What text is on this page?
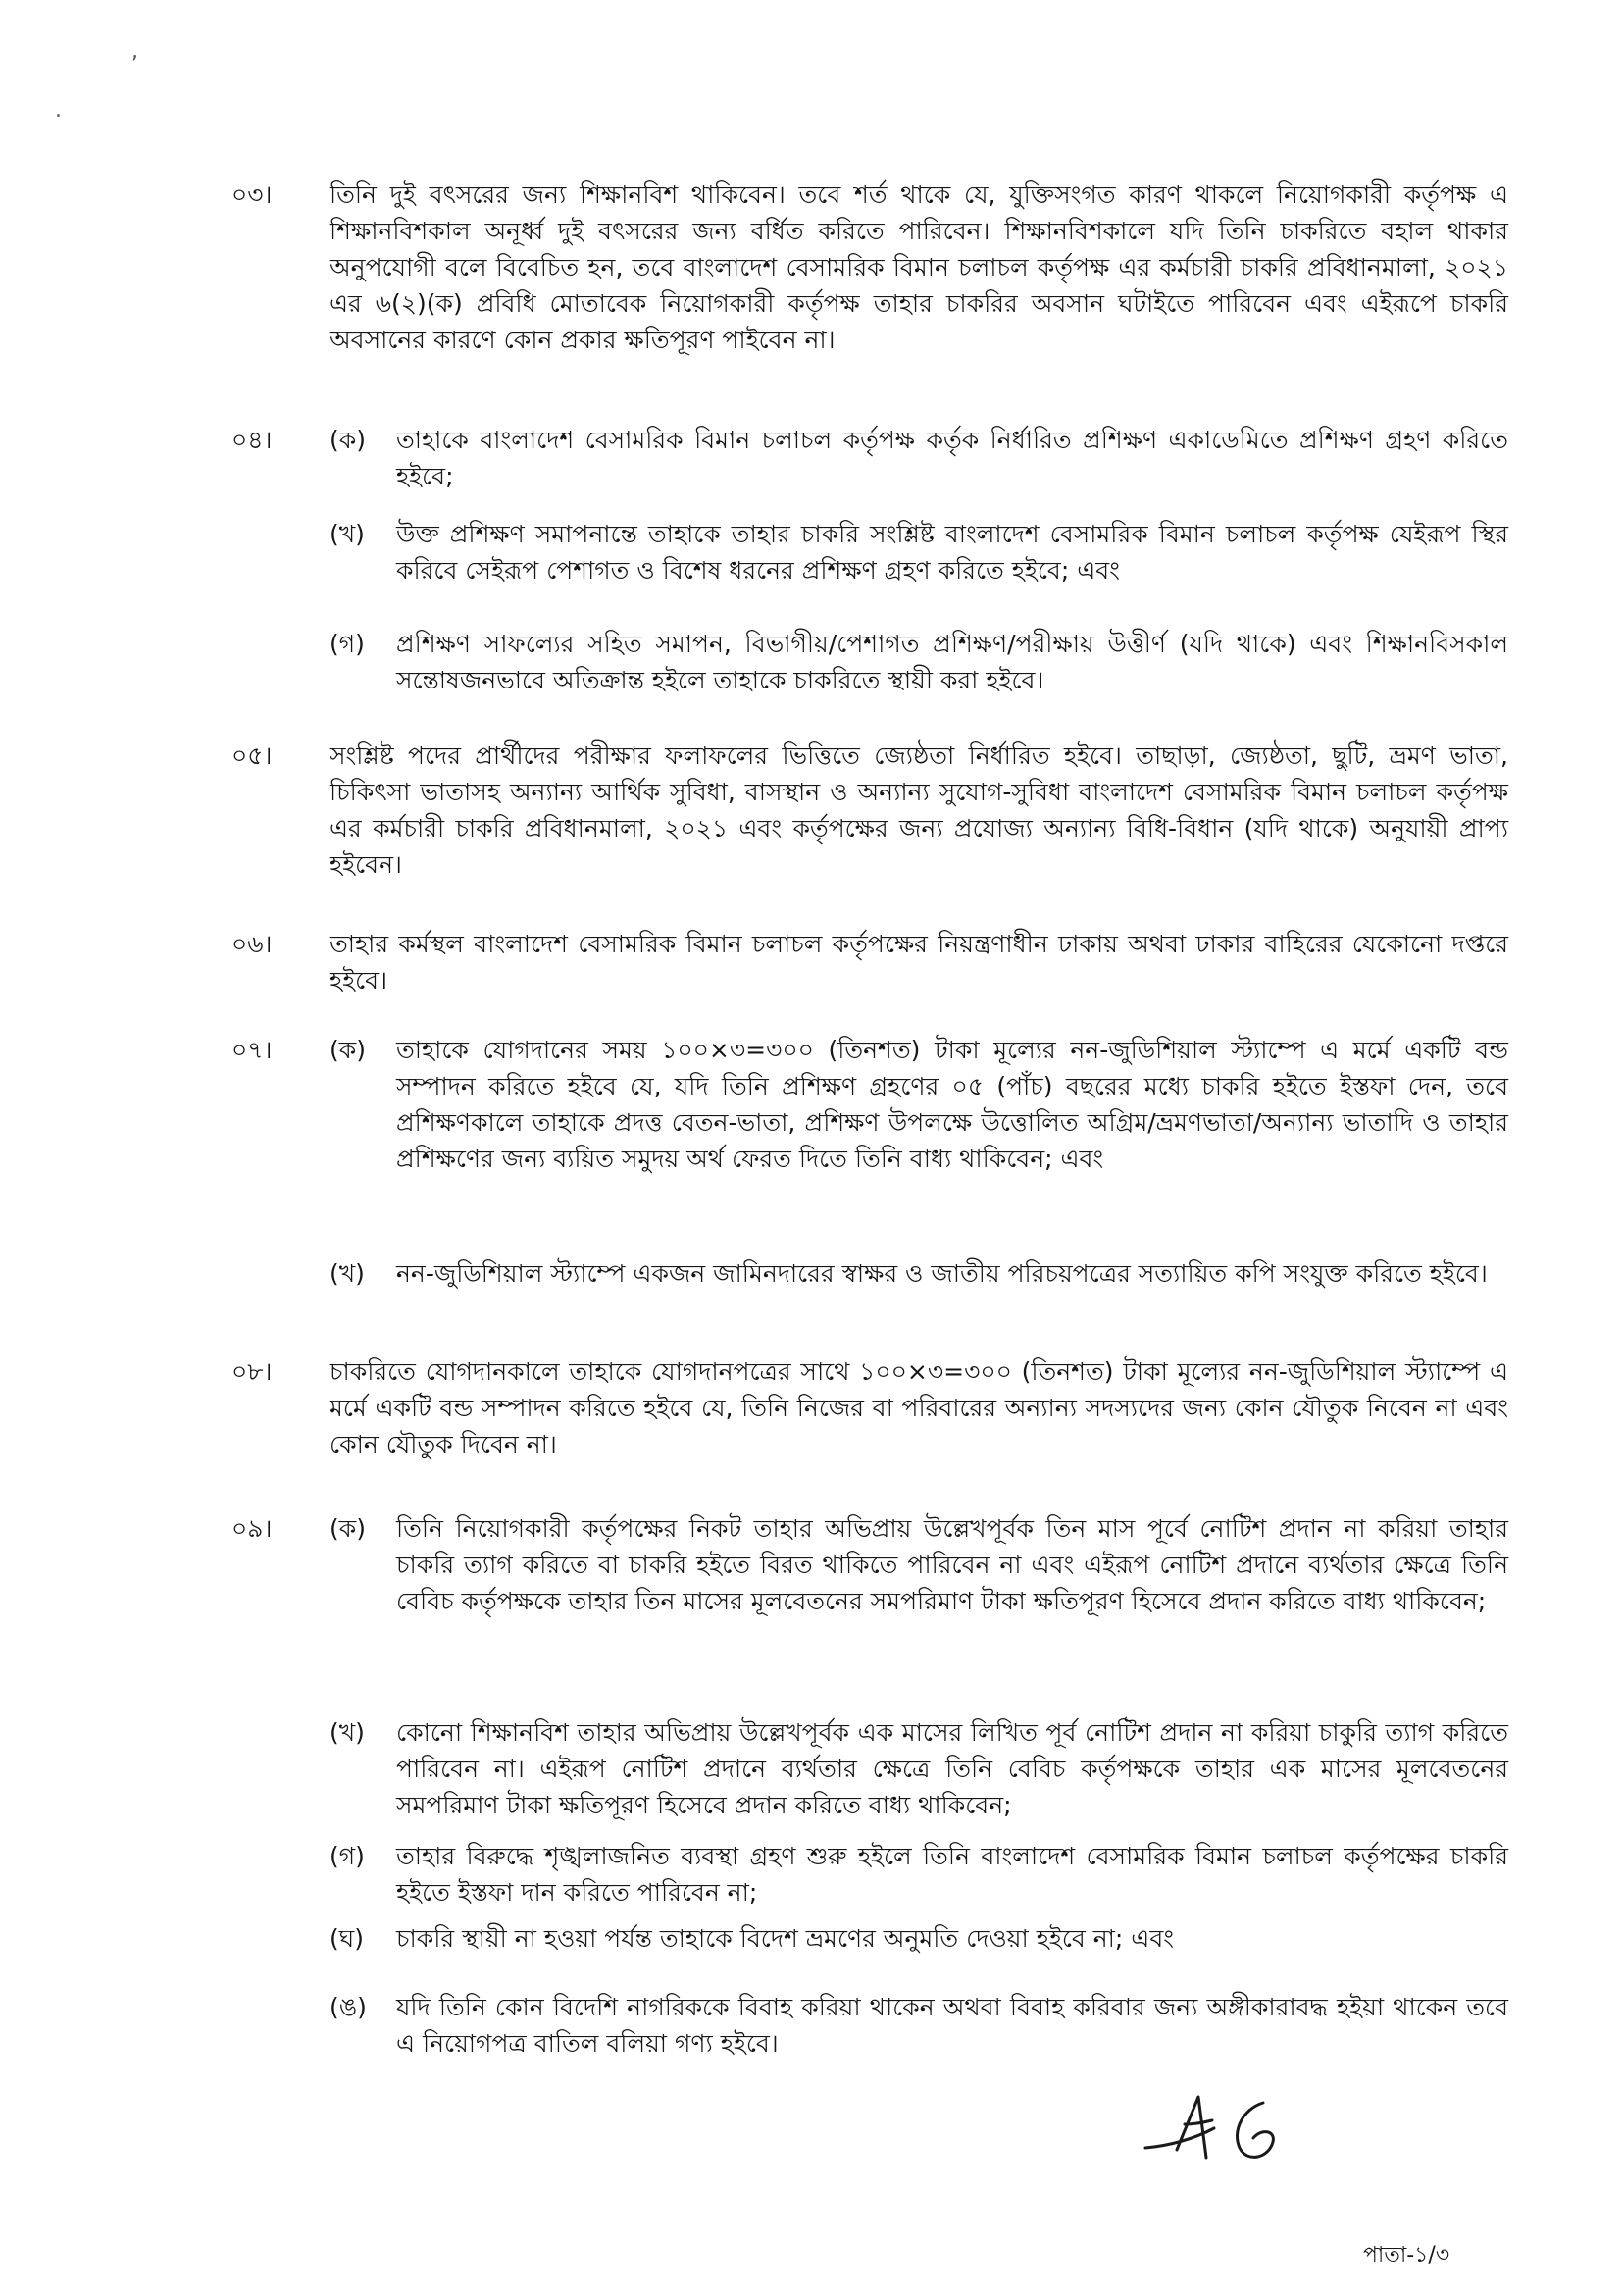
,
.
০৩। তিনি দুই বৎসরের জন্য শিক্ষানবিশ থাকিবেন। তবে শর্ত থাকে যে, যুক্তিসংগত কারণ থাকলে নিয়োগকারী কর্তৃপক্ষ এ শিক্ষানবিশকাল অনূর্ধ্ব দুই বৎসরের জন্য বর্ধিত করিতে পারিবেন। শিক্ষানবিশকালে যদি তিনি চাকরিতে বহাল থাকার অনুপযোগী বলে বিবেচিত হন, তবে বাংলাদেশ বেসামরিক বিমান চলাচল কর্তৃপক্ষ এর কর্মচারী চাকরি প্রবিধানমালা, ২০২১ এর ৬(২)(ক) প্রবিধি মোতাবেক নিয়োগকারী কর্তৃপক্ষ তাহার চাকরির অবসান ঘটাইতে পারিবেন এবং এইরূপে চাকরি অবসানের কারণে কোন প্রকার ক্ষতিপূরণ পাইবেন না।

০৪। (ক) তাহাকে বাংলাদেশ বেসামরিক বিমান চলাচল কর্তৃপক্ষ কর্তৃক নির্ধারিত প্রশিক্ষণ একাডেমিতে প্রশিক্ষণ গ্রহণ করিতে হইবে;

(খ) উক্ত প্রশিক্ষণ সমাপনান্তে তাহাকে তাহার চাকরি সংশ্লিষ্ট বাংলাদেশ বেসামরিক বিমান চলাচল কর্তৃপক্ষ যেইরূপ স্থির করিবে সেইরূপ পেশাগত ও বিশেষ ধরনের প্রশিক্ষণ গ্রহণ করিতে হইবে; এবং

(গ) প্রশিক্ষণ সাফল্যের সহিত সমাপন, বিভাগীয়/পেশাগত প্রশিক্ষণ/পরীক্ষায় উত্তীর্ণ (যদি থাকে) এবং শিক্ষানবিসকাল সন্তোষজনভাবে অতিক্রান্ত হইলে তাহাকে চাকরিতে স্থায়ী করা হইবে।

০৫। সংশ্লিষ্ট পদের প্রার্থীদের পরীক্ষার ফলাফলের ভিত্তিতে জ্যেষ্ঠতা নির্ধারিত হইবে। তাছাড়া, জ্যেষ্ঠতা, ছুটি, ভ্রমণ ভাতা, চিকিৎসা ভাতাসহ অন্যান্য আর্থিক সুবিধা, বাসস্থান ও অন্যান্য সুযোগ-সুবিধা বাংলাদেশ বেসামরিক বিমান চলাচল কর্তৃপক্ষ এর কর্মচারী চাকরি প্রবিধানমালা, ২০২১ এবং কর্তৃপক্ষের জন্য প্রযোজ্য অন্যান্য বিধি-বিধান (যদি থাকে) অনুযায়ী প্রাপ্য হইবেন।

০৬। তাহার কর্মস্থল বাংলাদেশ বেসামরিক বিমান চলাচল কর্তৃপক্ষের নিয়ন্ত্রণাধীন ঢাকায় অথবা ঢাকার বাহিরের যেকোনো দপ্তরে হইবে।

০৭। (ক) তাহাকে যোগদানের সময় ১০০×৩=৩০০ (তিনশত) টাকা মূল্যের নন-জুডিশিয়াল স্ট্যাম্পে এ মর্মে একটি বন্ড সম্পাদন করিতে হইবে যে, যদি তিনি প্রশিক্ষণ গ্রহণের ০৫ (পাঁচ) বছরের মধ্যে চাকরি হইতে ইস্তফা দেন, তবে প্রশিক্ষণকালে তাহাকে প্রদত্ত বেতন-ভাতা, প্রশিক্ষণ উপলক্ষে উত্তোলিত অগ্রিম/ভ্রমণভাতা/অন্যান্য ভাতাদি ও তাহার প্রশিক্ষণের জন্য ব্যয়িত সমুদয় অর্থ ফেরত দিতে তিনি বাধ্য থাকিবেন; এবং

(খ) নন-জুডিশিয়াল স্ট্যাম্পে একজন জামিনদারের স্বাক্ষর ও জাতীয় পরিচয়পত্রের সত্যায়িত কপি সংযুক্ত করিতে হইবে।

০৮। চাকরিতে যোগদানকালে তাহাকে যোগদানপত্রের সাথে ১০০×৩=৩০০ (তিনশত) টাকা মূল্যের নন-জুডিশিয়াল স্ট্যাম্পে এ মর্মে একটি বন্ড সম্পাদন করিতে হইবে যে, তিনি নিজের বা পরিবারের অন্যান্য সদস্যদের জন্য কোন যৌতুক নিবেন না এবং কোন যৌতুক দিবেন না।

০৯। (ক) তিনি নিয়োগকারী কর্তৃপক্ষের নিকট তাহার অভিপ্রায় উল্লেখপূর্বক তিন মাস পূর্বে নোটিশ প্রদান না করিয়া তাহার চাকরি ত্যাগ করিতে বা চাকরি হইতে বিরত থাকিতে পারিবেন না এবং এইরূপ নোটিশ প্রদানে ব্যর্থতার ক্ষেত্রে তিনি বেবিচ কর্তৃপক্ষকে তাহার তিন মাসের মূলবেতনের সমপরিমাণ টাকা ক্ষতিপূরণ হিসেবে প্রদান করিতে বাধ্য থাকিবেন;

(খ) কোনো শিক্ষানবিশ তাহার অভিপ্রায় উল্লেখপূর্বক এক মাসের লিখিত পূর্ব নোটিশ প্রদান না করিয়া চাকুরি ত্যাগ করিতে পারিবেন না। এইরূপ নোটিশ প্রদানে ব্যর্থতার ক্ষেত্রে তিনি বেবিচ কর্তৃপক্ষকে তাহার এক মাসের মূলবেতনের সমপরিমাণ টাকা ক্ষতিপূরণ হিসেবে প্রদান করিতে বাধ্য থাকিবেন;

(গ) তাহার বিরুদ্ধে শৃঙ্খলাজনিত ব্যবস্থা গ্রহণ শুরু হইলে তিনি বাংলাদেশ বেসামরিক বিমান চলাচল কর্তৃপক্ষের চাকরি হইতে ইস্তফা দান করিতে পারিবেন না;

(ঘ) চাকরি স্থায়ী না হওয়া পর্যন্ত তাহাকে বিদেশ ভ্রমণের অনুমতি দেওয়া হইবে না; এবং

(ঙ) যদি তিনি কোন বিদেশি নাগরিককে বিবাহ করিয়া থাকেন অথবা বিবাহ করিবার জন্য অঙ্গীকারাবদ্ধ হইয়া থাকেন তবে এ নিয়োগপত্র বাতিল বলিয়া গণ্য হইবে।

পাতা-১/৩
